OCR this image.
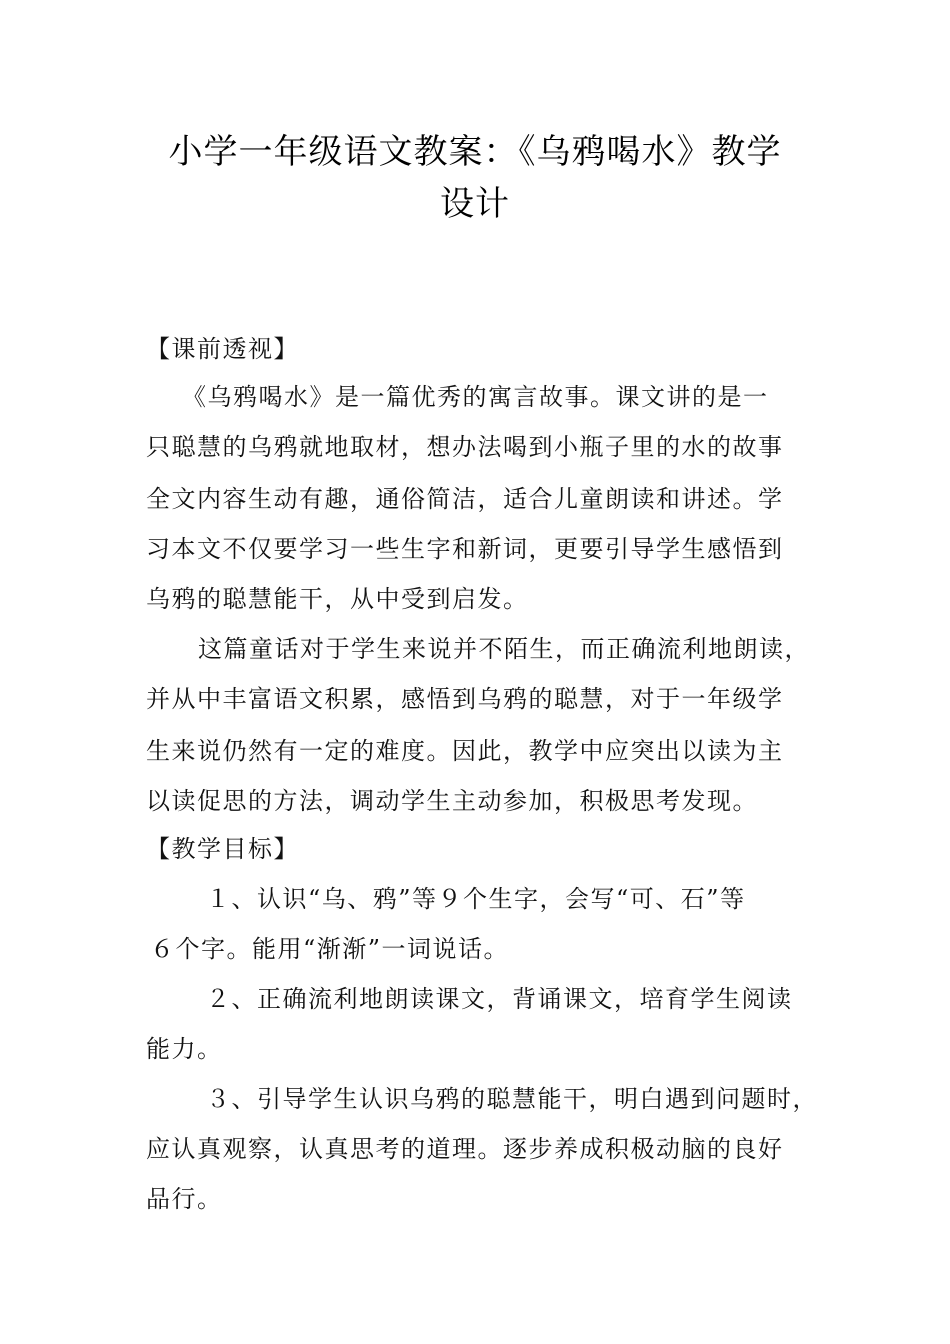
小学一年级语文教案：《乌鸦喝水》教学
设计
【课前透视】
《乌鸦喝水》是一篇优秀的寓言故事。课文讲的是一
只聪慧的乌鸦就地取材，想办法喝到小瓶子里的水的故事
全文内容生动有趣，通俗简洁，适合儿童朗读和讲述。学
习本文不仅要学习一些生字和新词，更要引导学生感悟到
乌鸦的聪慧能干，从中受到启发。
这篇童话对于学生来说并不陌生，而正确流利地朗读，
并从中丰富语文积累，感悟到乌鸦的聪慧，对于一年级学
生来说仍然有一定的难度。因此，教学中应突出以读为主
以读促思的方法，调动学生主动参加，积极思考发现。
【教学目标】
１、认识“乌、鸦”等９个生字，会写“可、石”等
６个字。能用“渐渐”一词说话。
２、正确流利地朗读课文，背诵课文，培育学生阅读
能力。
３、引导学生认识乌鸦的聪慧能干，明白遇到问题时，
应认真观察，认真思考的道理。逐步养成积极动脑的良好
品行。
